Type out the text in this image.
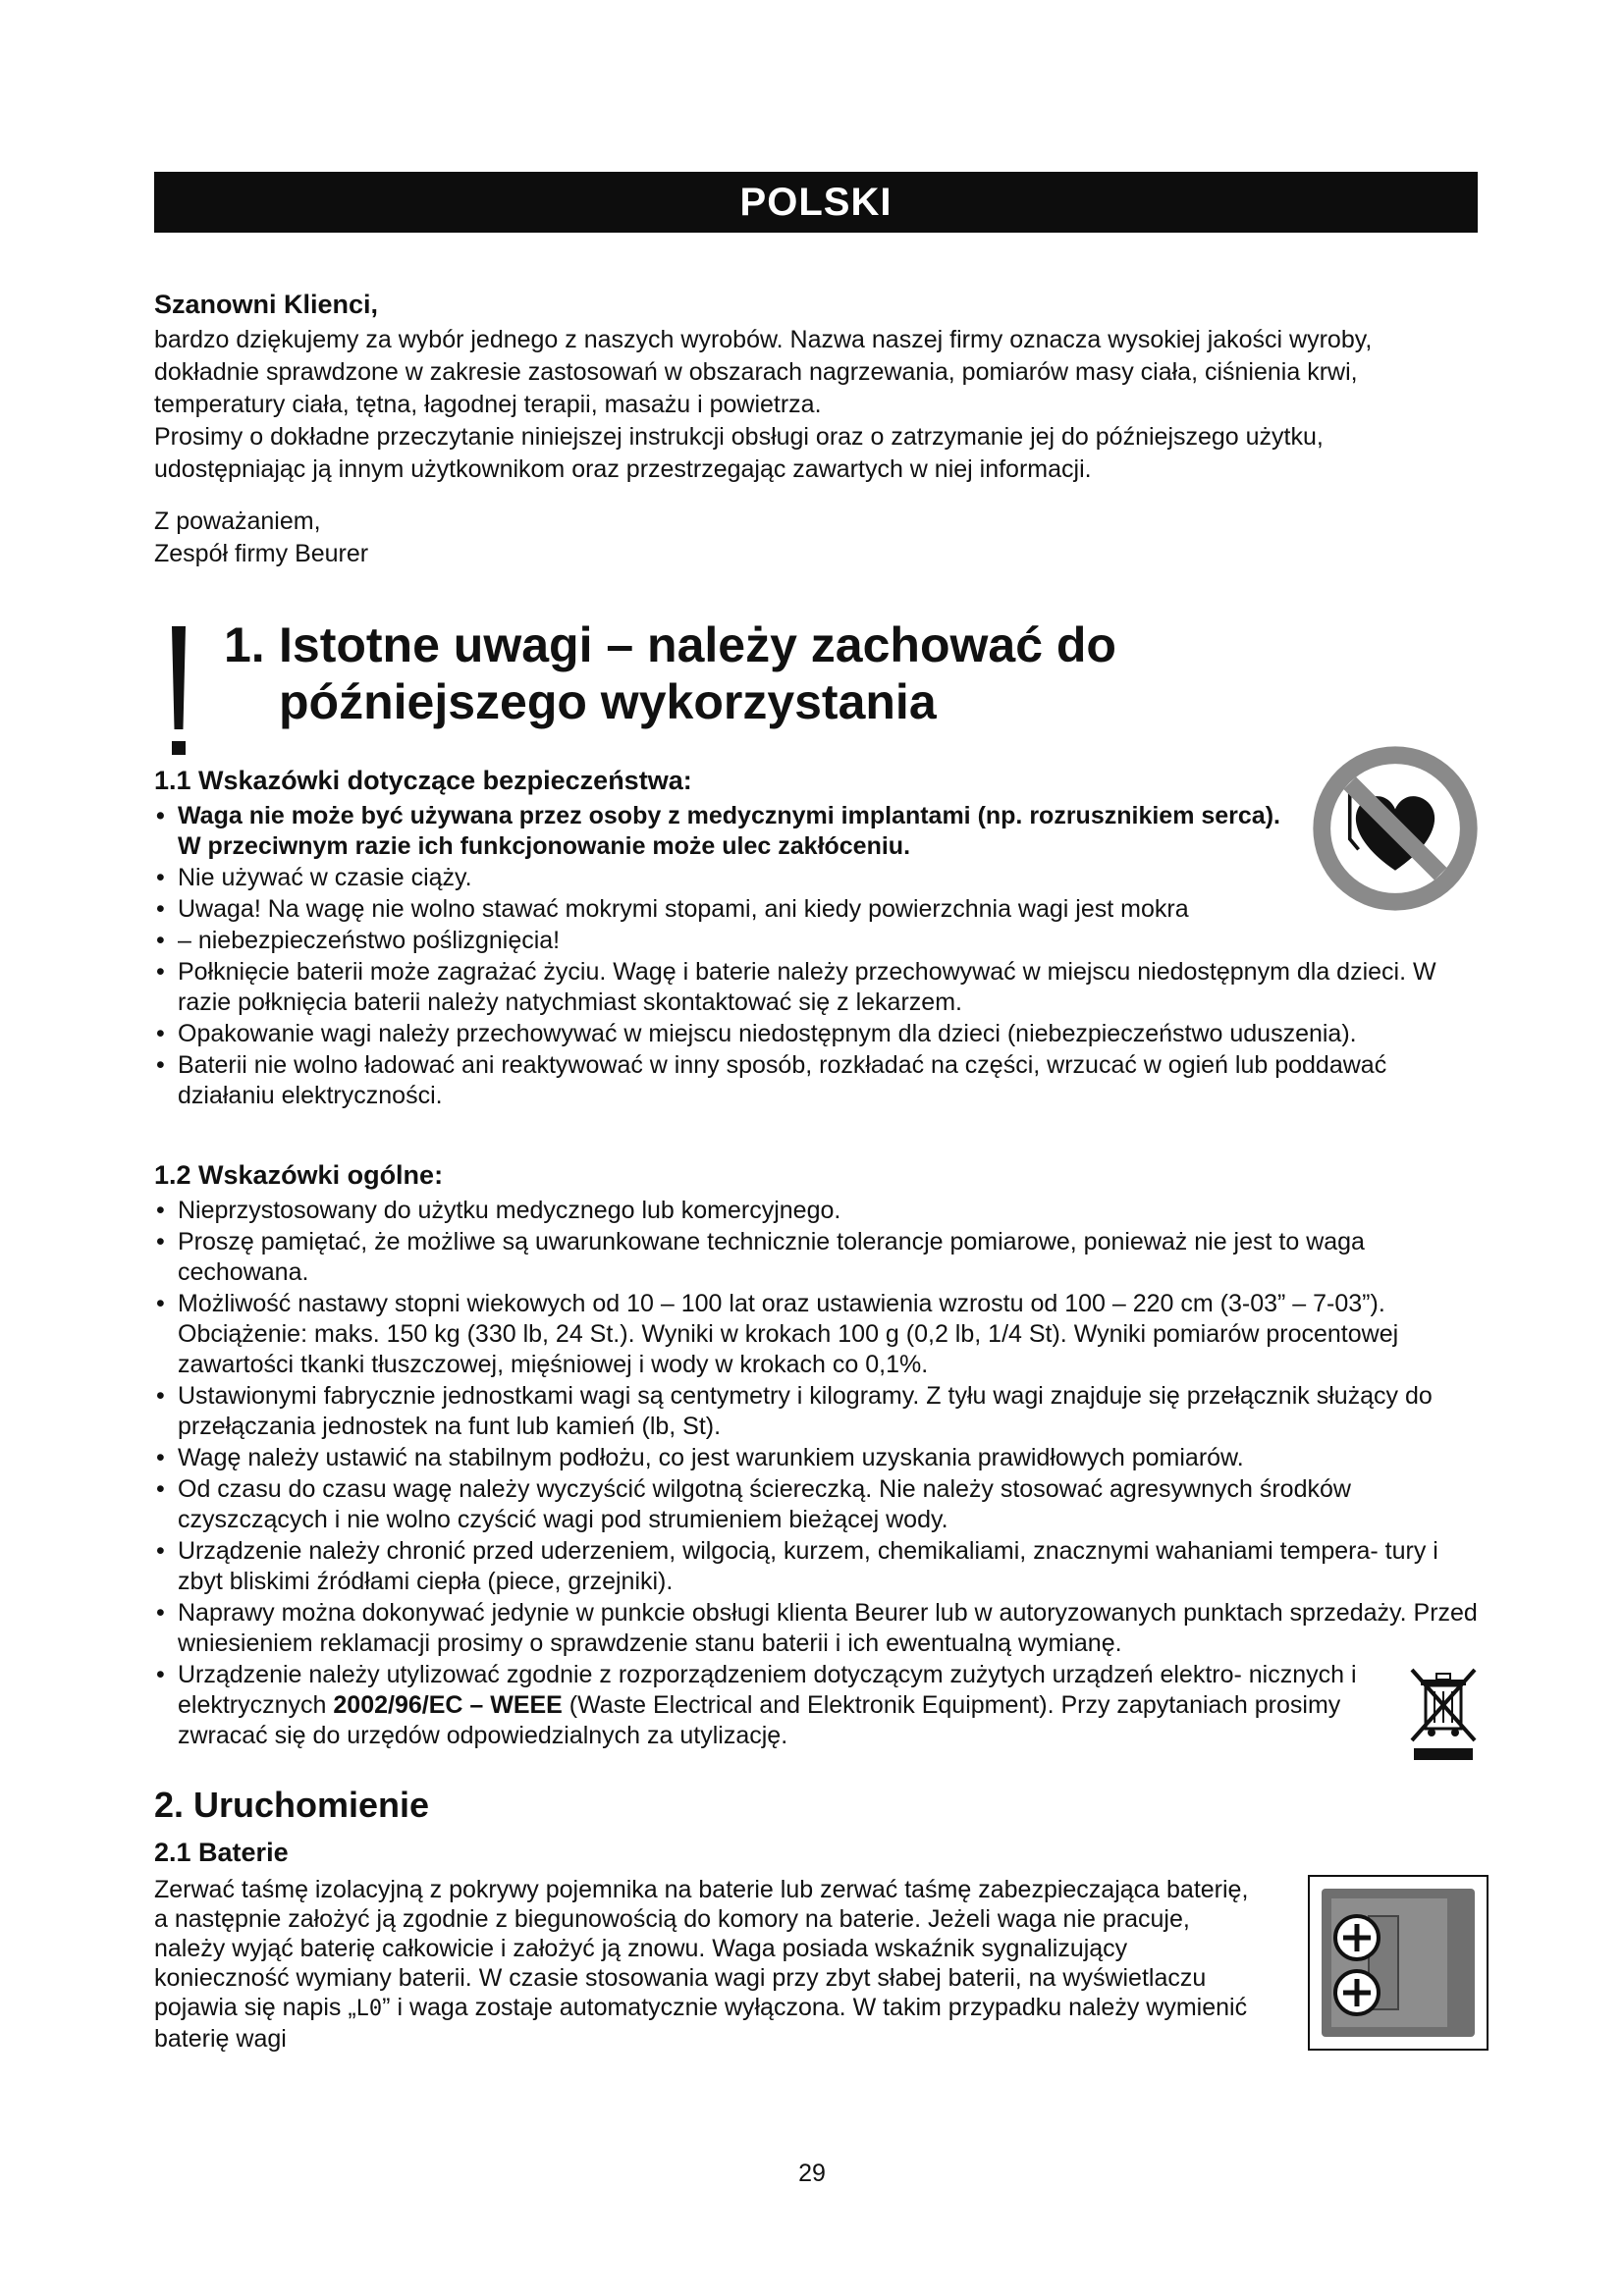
POLSKI
Szanowni Klienci,

bardzo dziękujemy za wybór jednego z naszych wyrobów. Nazwa naszej firmy oznacza wysokiej jakości wyroby, dokładnie sprawdzone w zakresie zastosowań w obszarach nagrzewania, pomiarów masy ciała, ciśnienia krwi, temperatury ciała, tętna, łagodnej terapii, masażu i powietrza.

Prosimy o dokładne przeczytanie niniejszej instrukcji obsługi oraz o zatrzymanie jej do późniejszego użytku, udostępniając ją innym użytkownikom oraz przestrzegając zawartych w niej informacji.

Z poważaniem,

Zespół firmy Beurer

1. Istotne uwagi – należy zachować do
późniejszego wykorzystania

1.1 Wskazówki dotyczące bezpieczeństwa:

• Waga nie może być używana przez osoby z medycznymi implantami (np. rozrusznikiem serca). W przeciwnym razie ich funkcjonowanie może ulec zakłóceniu.
• Nie używać w czasie ciąży.
• Uwaga! Na wagę nie wolno stawać mokrymi stopami, ani kiedy powierzchnia wagi jest mokra
• – niebezpieczeństwo poślizgnięcia!
• Połknięcie baterii może zagrażać życiu. Wagę i baterie należy przechowywać w miejscu niedostępnym dla dzieci. W razie połknięcia baterii należy natychmiast skontaktować się z lekarzem.
• Opakowanie wagi należy przechowywać w miejscu niedostępnym dla dzieci (niebezpieczeństwo uduszenia).
• Baterii nie wolno ładować ani reaktywować w inny sposób, rozkładać na części, wrzucać w ogień lub poddawać działaniu elektryczności.

1.2 Wskazówki ogólne:

• Nieprzystosowany do użytku medycznego lub komercyjnego.
• Proszę pamiętać, że możliwe są uwarunkowane technicznie tolerancje pomiarowe, ponieważ nie jest to waga cechowana.
• Możliwość nastawy stopni wiekowych od 10 – 100 lat oraz ustawienia wzrostu od 100 – 220 cm (3-03” – 7-03”). Obciążenie: maks. 150 kg (330 lb, 24 St.). Wyniki w krokach 100 g (0,2 lb, 1/4 St). Wyniki pomiarów procentowej zawartości tkanki tłuszczowej, mięśniowej i wody w krokach co 0,1%.
• Ustawionymi fabrycznie jednostkami wagi są centymetry i kilogramy. Z tyłu wagi znajduje się przełącznik służący do przełączania jednostek na funt lub kamień (lb, St).
• Wagę należy ustawić na stabilnym podłożu, co jest warunkiem uzyskania prawidłowych pomiarów.
• Od czasu do czasu wagę należy wyczyścić wilgotną ściereczką. Nie należy stosować agresywnych środków czyszczących i nie wolno czyścić wagi pod strumieniem bieżącej wody.
• Urządzenie należy chronić przed uderzeniem, wilgocią, kurzem, chemikaliami, znacznymi wahaniami tempera- tury i zbyt bliskimi źródłami ciepła (piece, grzejniki).
• Naprawy można dokonywać jedynie w punkcie obsługi klienta Beurer lub w autoryzowanych punktach sprzedaży. Przed wniesieniem reklamacji prosimy o sprawdzenie stanu baterii i ich ewentualną wymianę.
• Urządzenie należy utylizować zgodnie z rozporządzeniem dotyczącym zużytych urządzeń elektro- nicznych i elektrycznych 2002/96/EC – WEEE (Waste Electrical and Elektronik Equipment). Przy zapytaniach prosimy zwracać się do urzędów odpowiedzialnych za utylizację.

2. Uruchomienie

2.1 Baterie

Zerwać taśmę izolacyjną z pokrywy pojemnika na baterie lub zerwać taśmę zabezpieczająca baterię, a następnie założyć ją zgodnie z biegunowością do komory na baterie. Jeżeli waga nie pracuje, należy wyjąć baterię całkowicie i założyć ją znowu. Waga posiada wskaźnik sygnalizujący konieczność wymiany baterii. W czasie stosowania wagi przy zbyt słabej baterii, na wyświetlaczu pojawia się napis „L0” i waga zostaje automatycznie wyłączona. W takim przypadku należy wymienić baterię wagi

29
